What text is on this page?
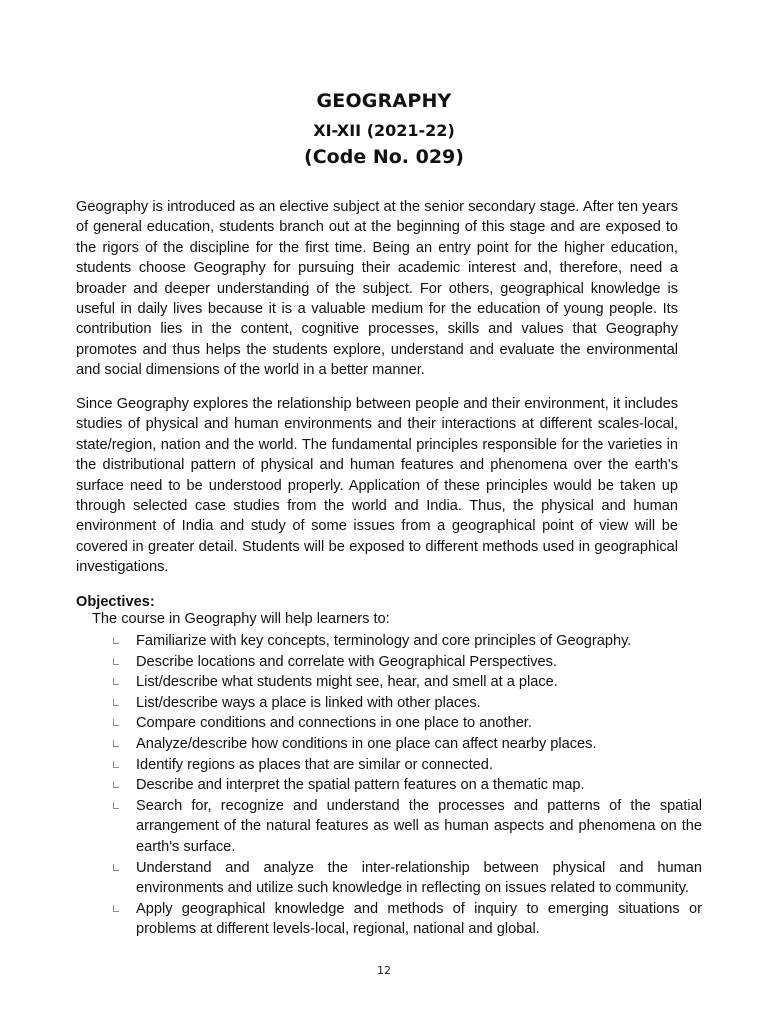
GEOGRAPHY
XI-XII (2021-22)
(Code No. 029)

Geography is introduced as an elective subject at the senior secondary stage. After ten years of general education, students branch out at the beginning of this stage and are exposed to the rigors of the discipline for the first time. Being an entry point for the higher education, students choose Geography for pursuing their academic interest and, therefore, need a broader and deeper understanding of the subject. For others, geographical knowledge is useful in daily lives because it is a valuable medium for the education of young people. Its contribution lies in the content, cognitive processes, skills and values that Geography promotes and thus helps the students explore, understand and evaluate the environmental and social dimensions of the world in a better manner.

Since Geography explores the relationship between people and their environment, it includes studies of physical and human environments and their interactions at different scales-local, state/region, nation and the world. The fundamental principles responsible for the varieties in the distributional pattern of physical and human features and phenomena over the earth's surface need to be understood properly. Application of these principles would be taken up through selected case studies from the world and India. Thus, the physical and human environment of India and study of some issues from a geographical point of view will be covered in greater detail. Students will be exposed to different methods used in geographical investigations.

Objectives:

The course in Geography will help learners to:

Familiarize with key concepts, terminology and core principles of Geography.
Describe locations and correlate with Geographical Perspectives.
List/describe what students might see, hear, and smell at a place.
List/describe ways a place is linked with other places.
Compare conditions and connections in one place to another.
Analyze/describe how conditions in one place can affect nearby places.
Identify regions as places that are similar or connected.
Describe and interpret the spatial pattern features on a thematic map.
Search for, recognize and understand the processes and patterns of the spatial arrangement of the natural features as well as human aspects and phenomena on the earth's surface.
Understand and analyze the inter-relationship between physical and human environments and utilize such knowledge in reflecting on issues related to community.
Apply geographical knowledge and methods of inquiry to emerging situations or problems at different levels-local, regional, national and global.
12
